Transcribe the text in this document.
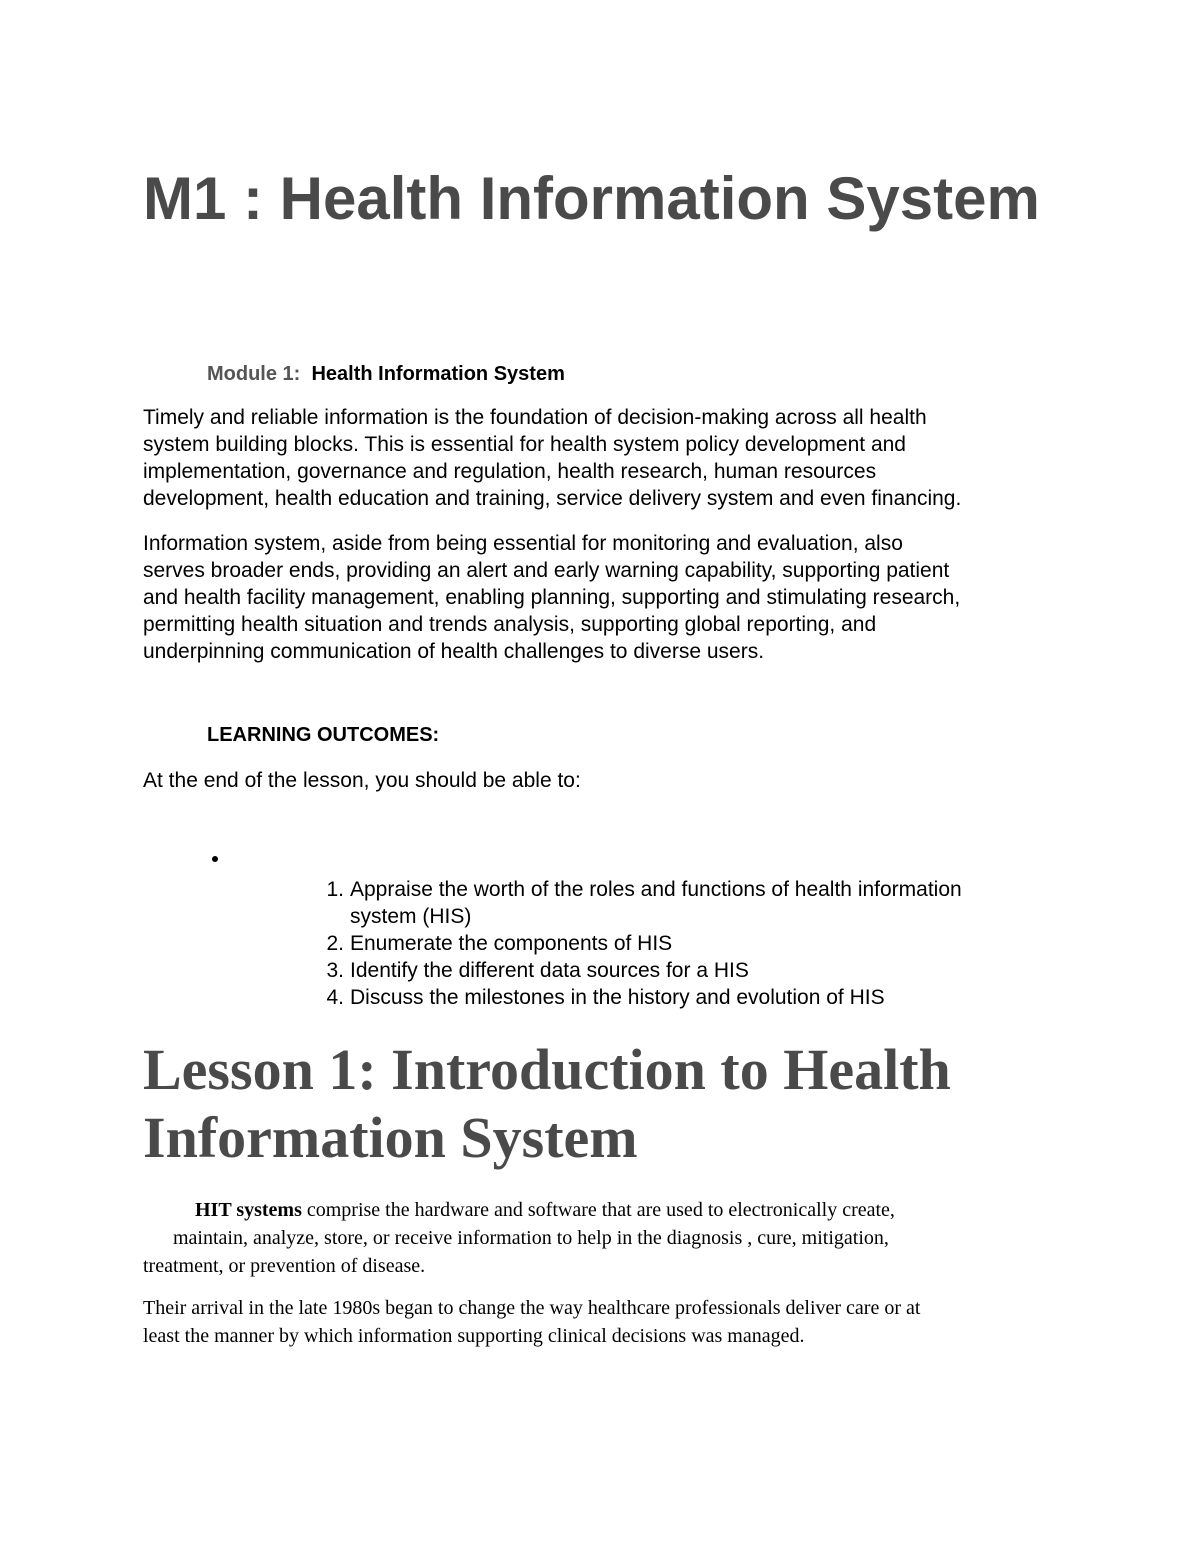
M1 : Health Information System
Module 1: Health Information System

Timely and reliable information is the foundation of decision-making across all health
system building blocks. This is essential for health system policy development and
implementation, governance and regulation, health research, human resources
development, health education and training, service delivery system and even financing.

Information system, aside from being essential for monitoring and evaluation, also
serves broader ends, providing an alert and early warning capability, supporting patient
and health facility management, enabling planning, supporting and stimulating research,
permitting health situation and trends analysis, supporting global reporting, and
underpinning communication of health challenges to diverse users.

LEARNING OUTCOMES:

At the end of the lesson, you should be able to:

1. Appraise the worth of the roles and functions of health information
system (HIS)
2. Enumerate the components of HIS
3. Identify the different data sources for a HIS
4. Discuss the milestones in the history and evolution of HIS
Lesson 1: Introduction to Health
Information System

HIT systems comprise the hardware and software that are used to electronically create,
maintain, analyze, store, or receive information to help in the diagnosis , cure, mitigation,
treatment, or prevention of disease.

Their arrival in the late 1980s began to change the way healthcare professionals deliver care or at
least the manner by which information supporting clinical decisions was managed.
